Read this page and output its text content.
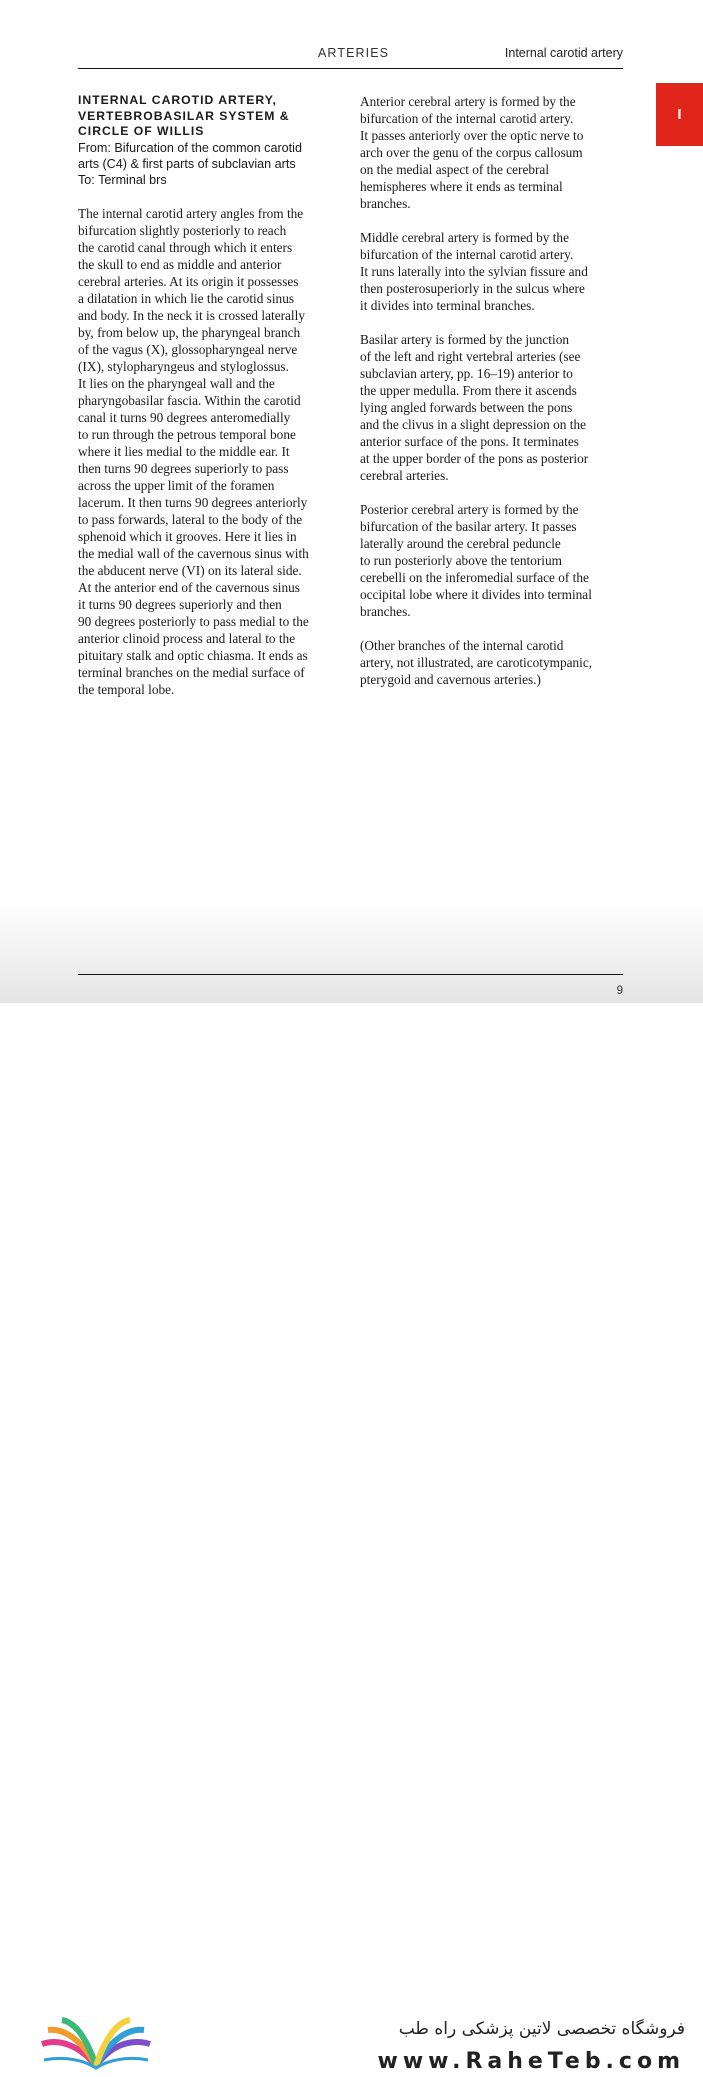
ARTERIES	Internal carotid artery
I
INTERNAL CAROTID ARTERY,
VERTEBROBASILAR SYSTEM &
CIRCLE OF WILLIS
From: Bifurcation of the common carotid
arts (C4) & first parts of subclavian arts
To: Terminal brs

The internal carotid artery angles from the
bifurcation slightly posteriorly to reach
the carotid canal through which it enters
the skull to end as middle and anterior
cerebral arteries. At its origin it possesses
a dilatation in which lie the carotid sinus
and body. In the neck it is crossed laterally
by, from below up, the pharyngeal branch
of the vagus (X), glossopharyngeal nerve
(IX), stylopharyngeus and styloglossus.
It lies on the pharyngeal wall and the
pharyngobasilar fascia. Within the carotid
canal it turns 90 degrees anteromedially
to run through the petrous temporal bone
where it lies medial to the middle ear. It
then turns 90 degrees superiorly to pass
across the upper limit of the foramen
lacerum. It then turns 90 degrees anteriorly
to pass forwards, lateral to the body of the
sphenoid which it grooves. Here it lies in
the medial wall of the cavernous sinus with
the abducent nerve (VI) on its lateral side.
At the anterior end of the cavernous sinus
it turns 90 degrees superiorly and then
90 degrees posteriorly to pass medial to the
anterior clinoid process and lateral to the
pituitary stalk and optic chiasma. It ends as
terminal branches on the medial surface of
the temporal lobe.

Anterior cerebral artery is formed by the
bifurcation of the internal carotid artery.
It passes anteriorly over the optic nerve to
arch over the genu of the corpus callosum
on the medial aspect of the cerebral
hemispheres where it ends as terminal
branches.

Middle cerebral artery is formed by the
bifurcation of the internal carotid artery.
It runs laterally into the sylvian fissure and
then posterosuperiorly in the sulcus where
it divides into terminal branches.

Basilar artery is formed by the junction
of the left and right vertebral arteries (see
subclavian artery, pp. 16–19) anterior to
the upper medulla. From there it ascends
lying angled forwards between the pons
and the clivus in a slight depression on the
anterior surface of the pons. It terminates
at the upper border of the pons as posterior
cerebral arteries.

Posterior cerebral artery is formed by the
bifurcation of the basilar artery. It passes
laterally around the cerebral peduncle
to run posteriorly above the tentorium
cerebelli on the inferomedial surface of the
occipital lobe where it divides into terminal
branches.

(Other branches of the internal carotid
artery, not illustrated, are caroticotympanic,
pterygoid and cavernous arteries.)

9
فروشگاه تخصصی لاتین پزشکی راه طب
www.RaheTeb.com
